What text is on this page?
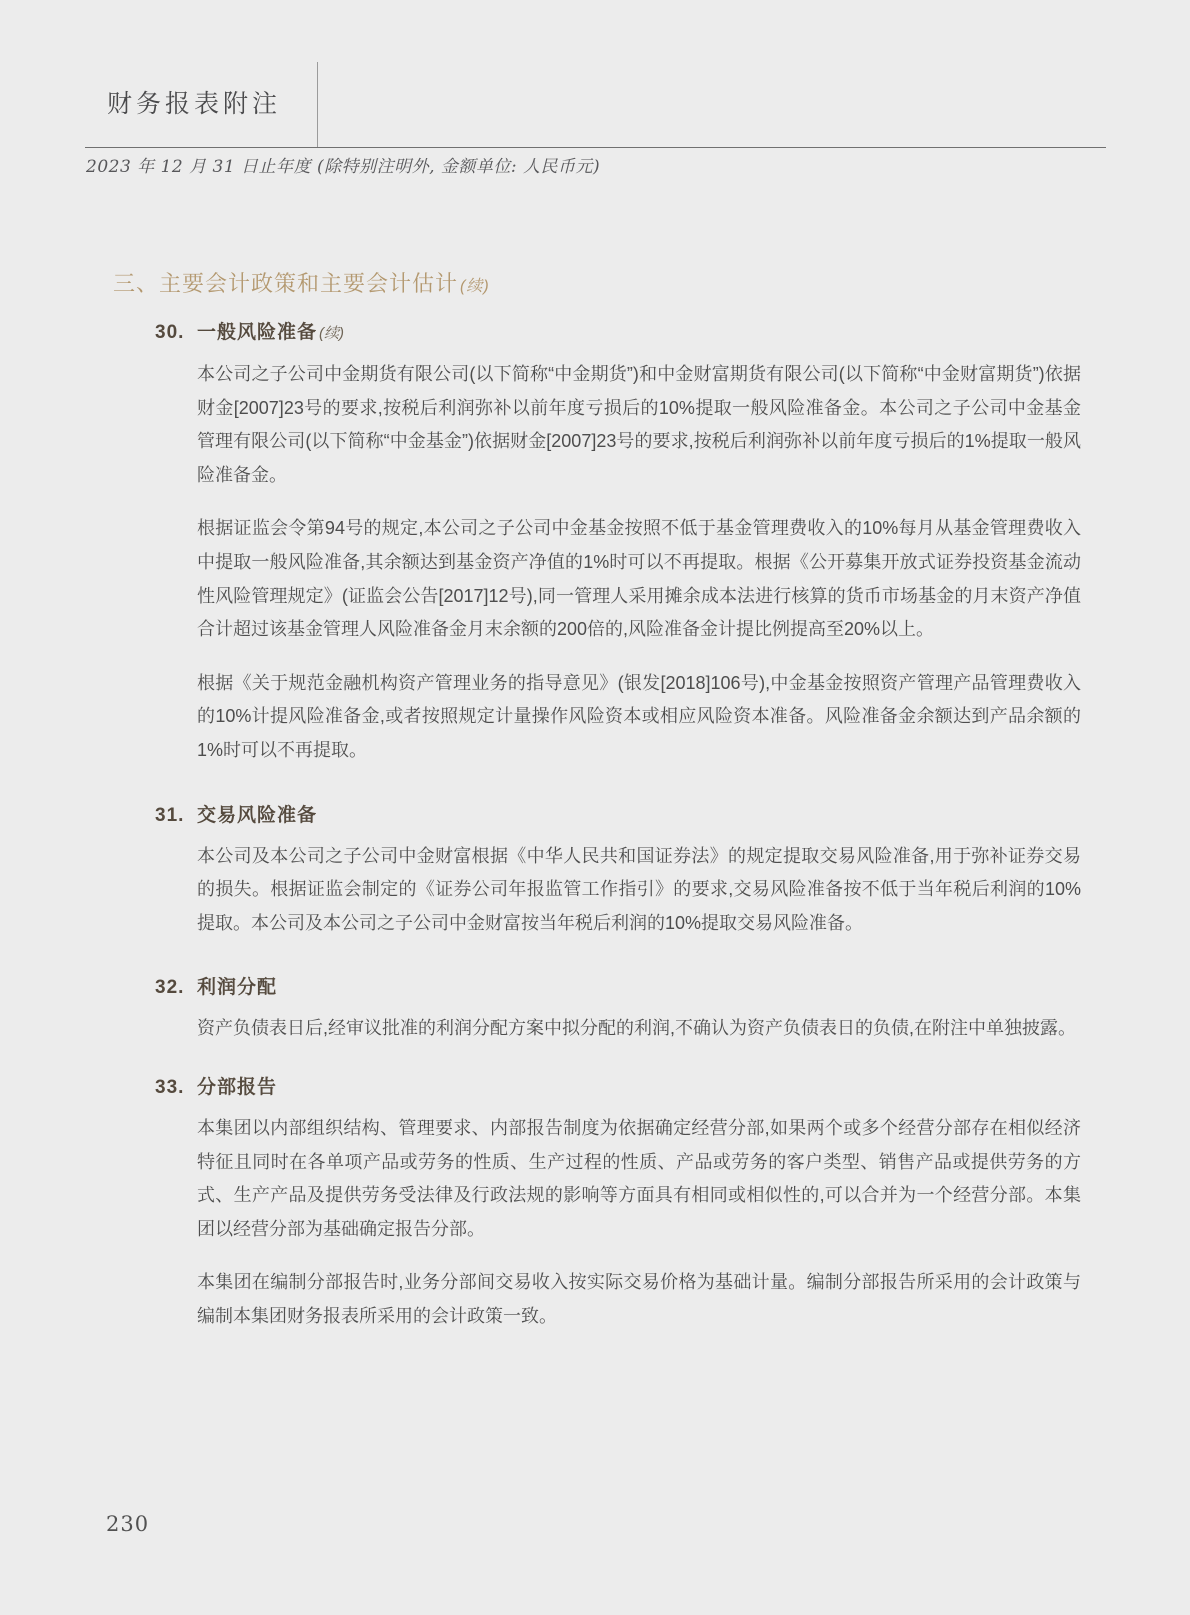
财务报表附注

2023 年 12 月 31 日止年度 (除特别注明外, 金额单位: 人民币元)

三、主要会计政策和主要会计估计 (续)
30. 一般风险准备 (续)

本公司之子公司中金期货有限公司(以下简称“中金期货”)和中金财富期货有限公司(以下简称“中金财富期货”)依据财金[2007]23号的要求,按税后利润弥补以前年度亏损后的10%提取一般风险准备金。本公司之子公司中金基金管理有限公司(以下简称“中金基金”)依据财金[2007]23号的要求,按税后利润弥补以前年度亏损后的1%提取一般风险准备金。

根据证监会令第94号的规定,本公司之子公司中金基金按照不低于基金管理费收入的10%每月从基金管理费收入中提取一般风险准备,其余额达到基金资产净值的1%时可以不再提取。根据《公开募集开放式证券投资基金流动性风险管理规定》(证监会公告[2017]12号),同一管理人采用摊余成本法进行核算的货币市场基金的月末资产净值合计超过该基金管理人风险准备金月末余额的200倍的,风险准备金计提比例提高至20%以上。

根据《关于规范金融机构资产管理业务的指导意见》(银发[2018]106号),中金基金按照资产管理产品管理费收入的10%计提风险准备金,或者按照规定计量操作风险资本或相应风险资本准备。风险准备金余额达到产品余额的1%时可以不再提取。

31. 交易风险准备

本公司及本公司之子公司中金财富根据《中华人民共和国证券法》的规定提取交易风险准备,用于弥补证券交易的损失。根据证监会制定的《证券公司年报监管工作指引》的要求,交易风险准备按不低于当年税后利润的10%提取。本公司及本公司之子公司中金财富按当年税后利润的10%提取交易风险准备。

32. 利润分配

资产负债表日后,经审议批准的利润分配方案中拟分配的利润,不确认为资产负债表日的负债,在附注中单独披露。

33. 分部报告

本集团以内部组织结构、管理要求、内部报告制度为依据确定经营分部,如果两个或多个经营分部存在相似经济特征且同时在各单项产品或劳务的性质、生产过程的性质、产品或劳务的客户类型、销售产品或提供劳务的方式、生产产品及提供劳务受法律及行政法规的影响等方面具有相同或相似性的,可以合并为一个经营分部。本集团以经营分部为基础确定报告分部。

本集团在编制分部报告时,业务分部间交易收入按实际交易价格为基础计量。编制分部报告所采用的会计政策与编制本集团财务报表所采用的会计政策一致。

230
